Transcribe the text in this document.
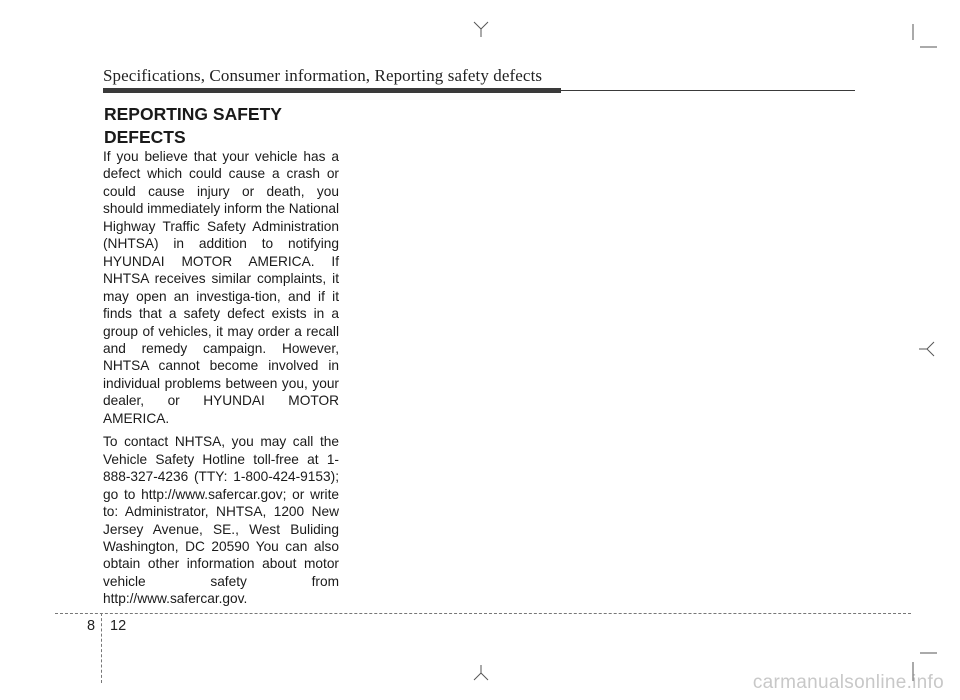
Specifications, Consumer information, Reporting safety defects
REPORTING SAFETY
DEFECTS

If you believe that your vehicle has a defect which could cause a crash or could cause injury or death, you should immediately inform the National Highway Traffic Safety Administration (NHTSA) in addition to notifying HYUNDAI MOTOR AMERICA. If NHTSA receives similar complaints, it may open an investiga-tion, and if it finds that a safety defect exists in a group of vehicles, it may order a recall and remedy campaign. However, NHTSA cannot become involved in individual problems between you, your dealer, or HYUNDAI MOTOR AMERICA.

To contact NHTSA, you may call the Vehicle Safety Hotline toll-free at 1-888-327-4236 (TTY: 1-800-424-9153); go to http://www.safercar.gov; or write to: Administrator, NHTSA, 1200 New Jersey Avenue, SE., West Buliding Washington, DC 20590 You can also obtain other information about motor vehicle safety from http://www.safercar.gov.

8 12
carmanualsonline.info
